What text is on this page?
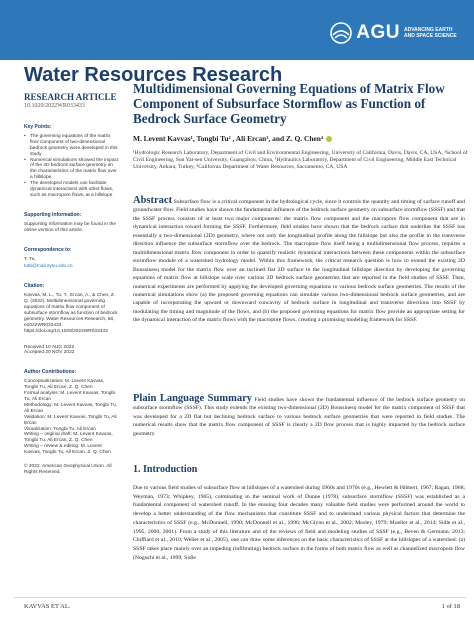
AGU ADVANCING EARTH AND SPACE SCIENCE
Water Resources Research
RESEARCH ARTICLE
10.1029/2022WR033433
Key Points:
• The governing equations of the matrix flow component of two-dimensional bedrock geometry were developed in this study
• Numerical simulations showed the impact of the 2D bedrock surface geometry on the characteristics of the matrix flow over a hillslope
• The developed models can facilitate dynamical interactions with other flows, such as macropore flows, at a hillslope
Supporting Information:
Supporting Information may be found in the online version of this article.
Correspondence to:
T. Tu,
tutb@mail.sysu.edu.cn
Citation:
Kavvas, M. L., Tu, T., Ercan, A., & Chen, Z. Q. (2022). Multidimensional governing equations of matrix flow component of subsurface stormflow as function of bedrock geometry. Water Resources Research, 58, e2022WR033433. https://doi.org/10.1029/2022WR033433
Received 10 AUG 2022
Accepted 20 NOV 2022
Author Contributions:
Conceptualization: M. Levent Kavvas, Tongbi Tu, Ali Ercan, Z. Q. Chen
Formal analysis: M. Levent Kavvas, Tongbi Tu, Ali Ercan
Methodology: M. Levent Kavvas, Tongbi Tu, Ali Ercan
Validation: M. Levent Kavvas, Tongbi Tu, Ali Ercan
Visualization: Tongbi Tu, Ali Ercan
Writing – original draft: M. Levent Kavvas, Tongbi Tu, Ali Ercan, Z. Q. Chen
Writing – review & editing: M. Levent Kavvas, Tongbi Tu, Ali Ercan, Z. Q. Chen
© 2022. American Geophysical Union. All Rights Reserved.
Multidimensional Governing Equations of Matrix Flow Component of Subsurface Stormflow as Function of Bedrock Surface Geometry
M. Levent Kavvas¹, Tongbi Tu² , Ali Ercan³, and Z. Q. Chen⁴
¹Hydrologic Research Laboratory, Department of Civil and Environmental Engineering, University of California, Davis, Davis, CA, USA, ²School of Civil Engineering, Sun Yat-sen University, Guangzhou, China, ³Hydraulics Laboratory, Department of Civil Engineering, Middle East Technical University, Ankara, Turkey, ⁴California Department of Water Resources, Sacramento, CA, USA
Abstract Subsurface flow is a critical component in the hydrological cycle, since it controls the quantity and timing of surface runoff and groundwater flow. Field studies have shown the fundamental influence of the bedrock surface geometry on subsurface stormflow (SSSF) and that the SSSF process consists of at least two major components: the matrix flow component and the macropore flow component that are in dynamical interaction toward forming the SSSF. Furthermore, field studies have shown that the bedrock surface that underlies the SSSF has essentially a two-dimensional (2D) geometry, where not only the longitudinal profile along the hillslope but also the profile in the transverse direction influence the subsurface stormflow over the bedrock. The macropore flow itself being a multidimensional flow process, requires a multidimensional matrix flow component in order to quantify realistic dynamical interactions between these components within the subsurface stormflow module of a watershed hydrology model. Within this framework, the critical research question is how to extend the existing 2D Boussinesq model for the matrix flow over an inclined flat 2D surface in the longitudinal hillslope direction by developing the governing equations of matrix flow at hillslope scale over various 2D bedrock surface geometries that are reported in the field studies of SSSF. Then, numerical experiments are performed by applying the developed governing equations to various bedrock surface geometries. The results of the numerical simulations show (a) the proposed governing equations can simulate various two-dimensional bedrock surface geometries, and are capable of incorporating the upward or downward concavity of bedrock surface in longitudinal and transverse directions into SSSF by modulating the timing and magnitude of the flows, and (b) the proposed governing equations for matrix flow provide an appropriate setting for the dynamical interaction of the matrix flows with the macropore flows, creating a promising modeling framework for SSSF.
Plain Language Summary Field studies have shown the fundamental influence of the bedrock surface geometry on subsurface stormflow (SSSF). This study extends the existing two-dimensional (2D) Boussinesq model for the matrix component of SSSF that was developed for a 2D flat but declining bedrock surface to various bedrock surface geometries that were reported in field studies. The numerical results show that the matrix flow component of SSSF is clearly a 2D flow process that is highly impacted by the bedrock surface geometry.
1. Introduction
Due to various field studies of subsurface flow at hillslopes of a watershed during 1960s and 1970s (e.g., Hewlett & Hibbert, 1967; Ragan, 1968; Weyman, 1973; Whipkey, 1965), culminating in the seminal work of Dunne (1978), subsurface stormflow (SSSF) was established as a fundamental component of watershed runoff. In the ensuing four decades many valuable field studies were performed around the world to develop a better understanding of the flow mechanisms that constitute SSSF and to understand various physical factors that determine the characteristics of SSSF (e.g., McDonnell, 1990; McDonnell et al., 1996; McGlynn et al., 2002; Mosley, 1979; Mueller et al., 2014; Sidle et al., 1995, 2000, 2001). From a study of this literature and of the reviews of field and modeling studies of SSSF (e.g., Beven & Germann, 2013; Chifflard et al., 2010; Weiler et al., 2005), one can draw some inferences on the basic characteristics of SSSF at the hillslopes of a watershed: (a) SSSF takes place mainly over an impeding (infiltrating) bedrock surface in the forms of both matrix flow as well as channelized macropore flow (Noguchi et al., 1999; Sidle
KAVVAS ET AL.	1 of 18
